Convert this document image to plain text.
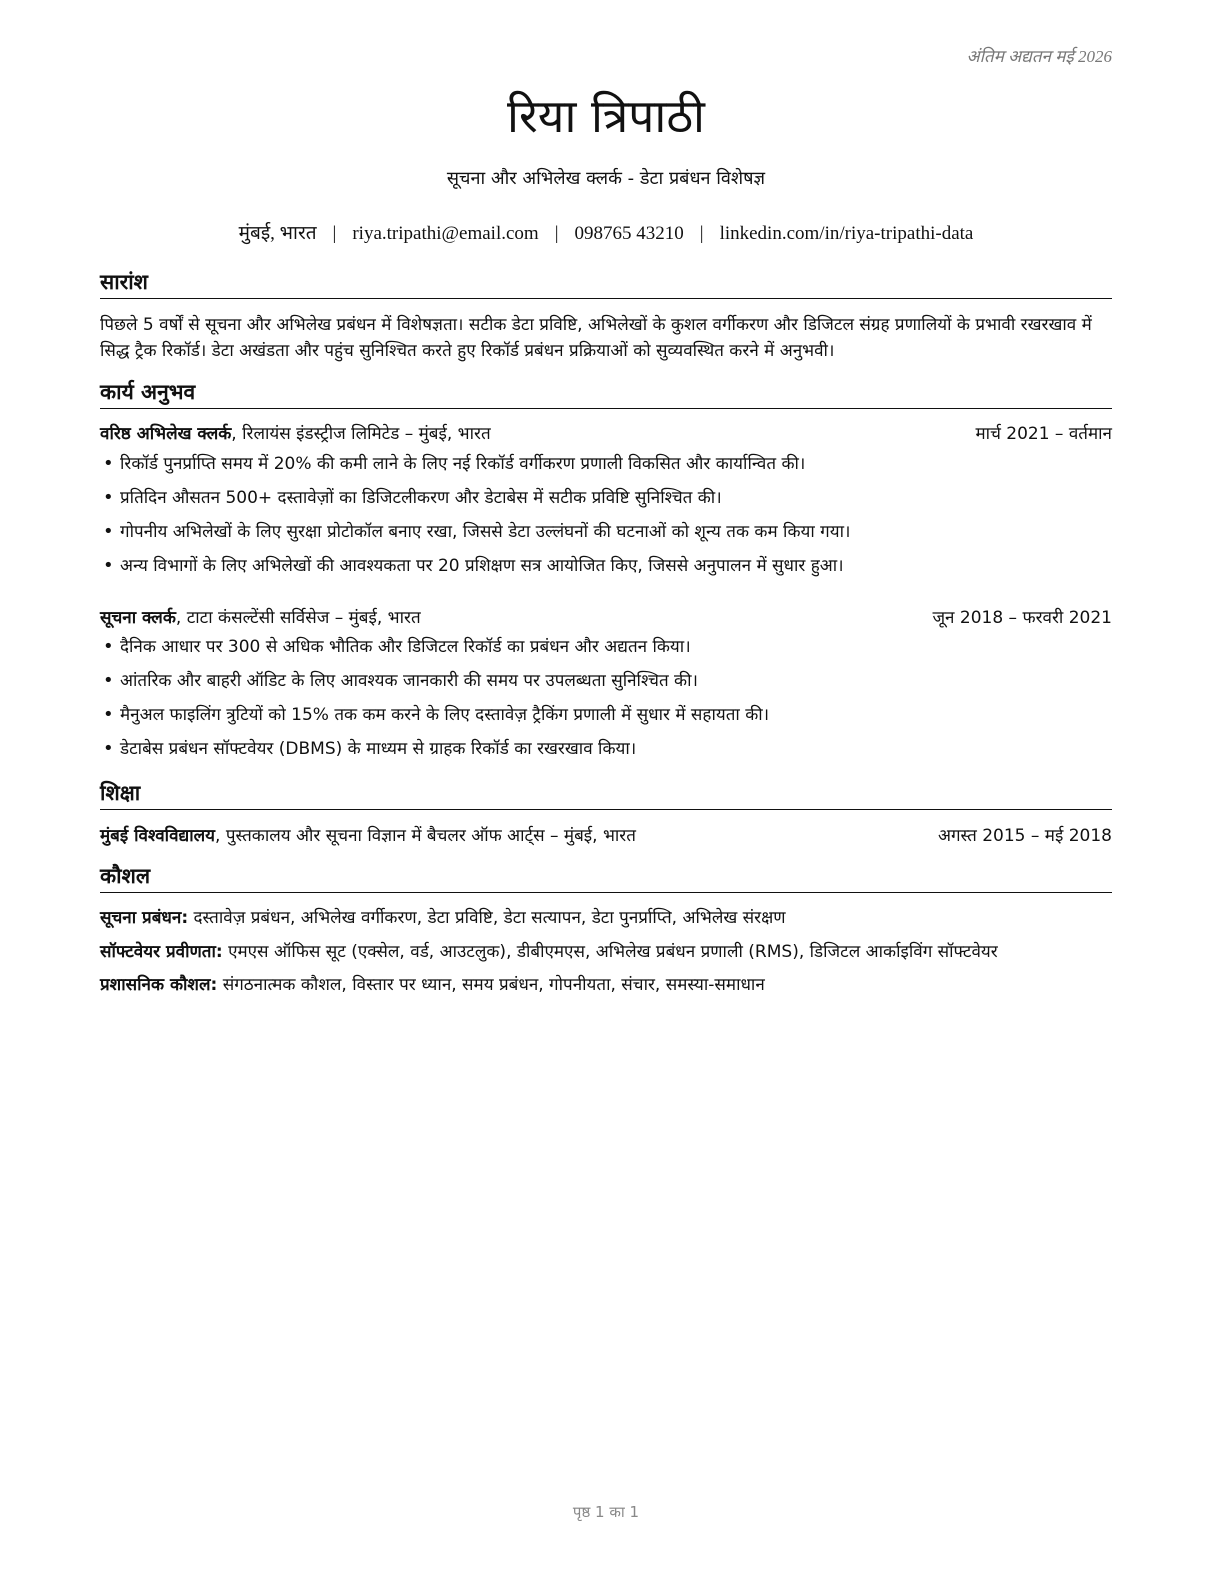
अंतिम अद्यतन मई 2026
रिया त्रिपाठी
सूचना और अभिलेख क्लर्क - डेटा प्रबंधन विशेषज्ञ
मुंबई, भारत | riya.tripathi@email.com | 098765 43210 | linkedin.com/in/riya-tripathi-data
सारांश
पिछले 5 वर्षों से सूचना और अभिलेख प्रबंधन में विशेषज्ञता। सटीक डेटा प्रविष्टि, अभिलेखों के कुशल वर्गीकरण और डिजिटल संग्रह प्रणालियों के प्रभावी रखरखाव में सिद्ध ट्रैक रिकॉर्ड। डेटा अखंडता और पहुंच सुनिश्चित करते हुए रिकॉर्ड प्रबंधन प्रक्रियाओं को सुव्यवस्थित करने में अनुभवी।
कार्य अनुभव
वरिष्ठ अभिलेख क्लर्क, रिलायंस इंडस्ट्रीज लिमिटेड – मुंबई, भारत	मार्च 2021 – वर्तमान
• रिकॉर्ड पुनर्प्राप्ति समय में 20% की कमी लाने के लिए नई रिकॉर्ड वर्गीकरण प्रणाली विकसित और कार्यान्वित की।
• प्रतिदिन औसतन 500+ दस्तावेज़ों का डिजिटलीकरण और डेटाबेस में सटीक प्रविष्टि सुनिश्चित की।
• गोपनीय अभिलेखों के लिए सुरक्षा प्रोटोकॉल बनाए रखा, जिससे डेटा उल्लंघनों की घटनाओं को शून्य तक कम किया गया।
• अन्य विभागों के लिए अभिलेखों की आवश्यकता पर 20 प्रशिक्षण सत्र आयोजित किए, जिससे अनुपालन में सुधार हुआ।
सूचना क्लर्क, टाटा कंसल्टेंसी सर्विसेज – मुंबई, भारत	जून 2018 – फरवरी 2021
• दैनिक आधार पर 300 से अधिक भौतिक और डिजिटल रिकॉर्ड का प्रबंधन और अद्यतन किया।
• आंतरिक और बाहरी ऑडिट के लिए आवश्यक जानकारी की समय पर उपलब्धता सुनिश्चित की।
• मैनुअल फाइलिंग त्रुटियों को 15% तक कम करने के लिए दस्तावेज़ ट्रैकिंग प्रणाली में सुधार में सहायता की।
• डेटाबेस प्रबंधन सॉफ्टवेयर (DBMS) के माध्यम से ग्राहक रिकॉर्ड का रखरखाव किया।
शिक्षा
मुंबई विश्वविद्यालय, पुस्तकालय और सूचना विज्ञान में बैचलर ऑफ आर्ट्स – मुंबई, भारत	अगस्त 2015 – मई 2018
कौशल
सूचना प्रबंधन: दस्तावेज़ प्रबंधन, अभिलेख वर्गीकरण, डेटा प्रविष्टि, डेटा सत्यापन, डेटा पुनर्प्राप्ति, अभिलेख संरक्षण
सॉफ्टवेयर प्रवीणता: एमएस ऑफिस सूट (एक्सेल, वर्ड, आउटलुक), डीबीएमएस, अभिलेख प्रबंधन प्रणाली (RMS), डिजिटल आर्काइविंग सॉफ्टवेयर
प्रशासनिक कौशल: संगठनात्मक कौशल, विस्तार पर ध्यान, समय प्रबंधन, गोपनीयता, संचार, समस्या-समाधान
पृष्ठ 1 का 1
